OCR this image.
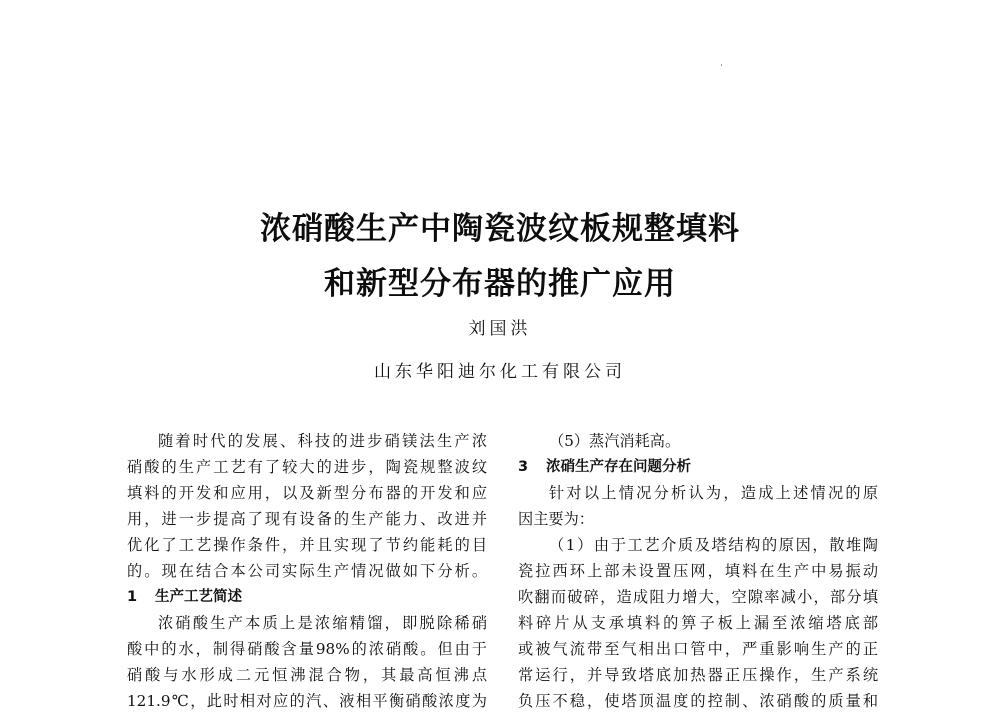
浓硝酸生产中陶瓷波纹板规整填料
和新型分布器的推广应用
刘国洪
山东华阳迪尔化工有限公司
随着时代的发展、科技的进步硝镁法生产浓
硝酸的生产工艺有了较大的进步，陶瓷规整波纹
填料的开发和应用，以及新型分布器的开发和应
用，进一步提高了现有设备的生产能力、改进并
优化了工艺操作条件，并且实现了节约能耗的目
的。现在结合本公司实际生产情况做如下分析。
1 生产工艺简述
浓硝酸生产本质上是浓缩精馏，即脱除稀硝
酸中的水，制得硝酸含量98%的浓硝酸。但由于
硝酸与水形成二元恒沸混合物，其最高恒沸点
121.9℃，此时相对应的汽、液相平衡硝酸浓度为
（5）蒸汽消耗高。
3 浓硝生产存在问题分析
针对以上情况分析认为，造成上述情况的原
因主要为：
（1）由于工艺介质及塔结构的原因，散堆陶
瓷拉西环上部未设置压网，填料在生产中易振动
吹翻而破碎，造成阻力增大，空隙率减小，部分填
料碎片从支承填料的箅子板上漏至浓缩塔底部
或被气流带至气相出口管中，严重影响生产的正
常运行，并导致塔底加热器正压操作，生产系统
负压不稳，使塔顶温度的控制、浓硝酸的质量和
